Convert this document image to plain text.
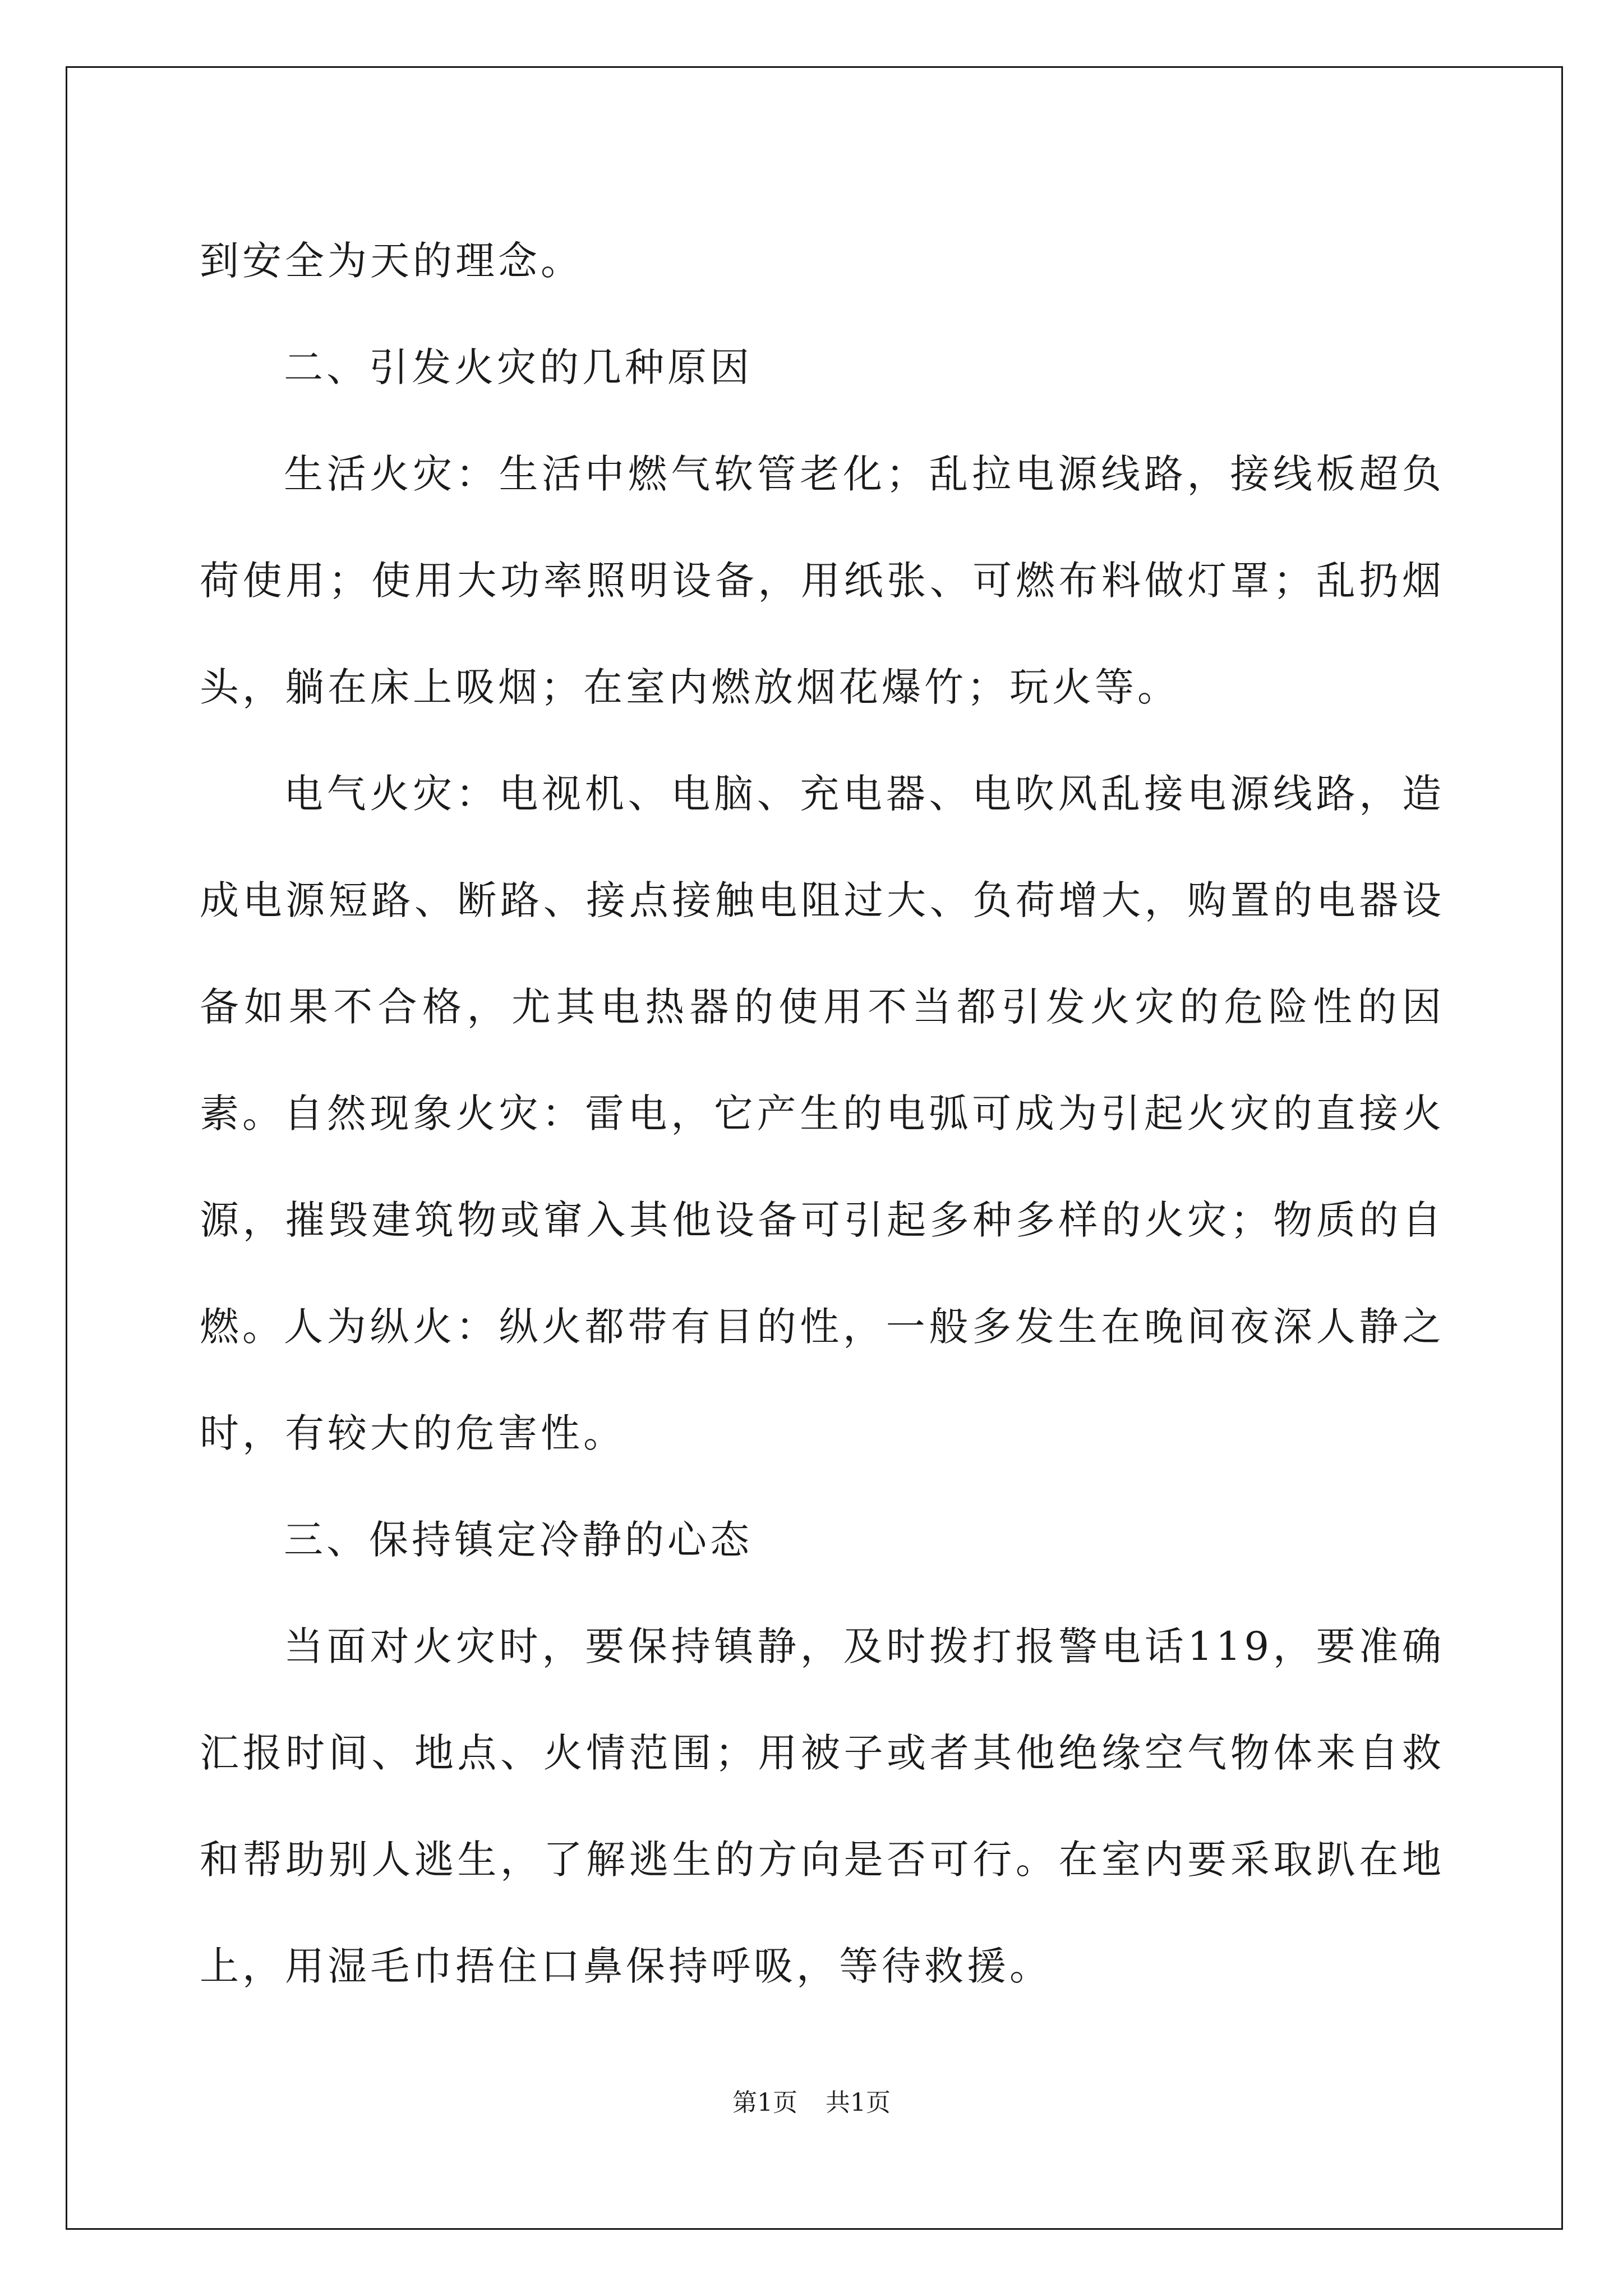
到安全为天的理念。

二、引发火灾的几种原因

生活火灾：生活中燃气软管老化；乱拉电源线路，接线板超负荷使用；使用大功率照明设备，用纸张、可燃布料做灯罩；乱扔烟头，躺在床上吸烟；在室内燃放烟花爆竹；玩火等。

电气火灾：电视机、电脑、充电器、电吹风乱接电源线路，造成电源短路、断路、接点接触电阻过大、负荷增大，购置的电器设备如果不合格，尤其电热器的使用不当都引发火灾的危险性的因素。

自然现象火灾：雷电，它产生的电弧可成为引起火灾的直接火源，摧毁建筑物或窜入其他设备可引起多种多样的火灾；物质的自燃。

人为纵火：纵火都带有目的性，一般多发生在晚间夜深人静之时，有较大的危害性。

三、保持镇定冷静的心态

当面对火灾时，要保持镇静，及时拨打报警电话119，要准确汇报时间、地点、火情范围；用被子或者其他绝缘空气物体来自救和帮助别人逃生，了解逃生的方向是否可行。在室内要采取趴在地上，用湿毛巾捂住口鼻保持呼吸，等待救援。

第1页 共1页
